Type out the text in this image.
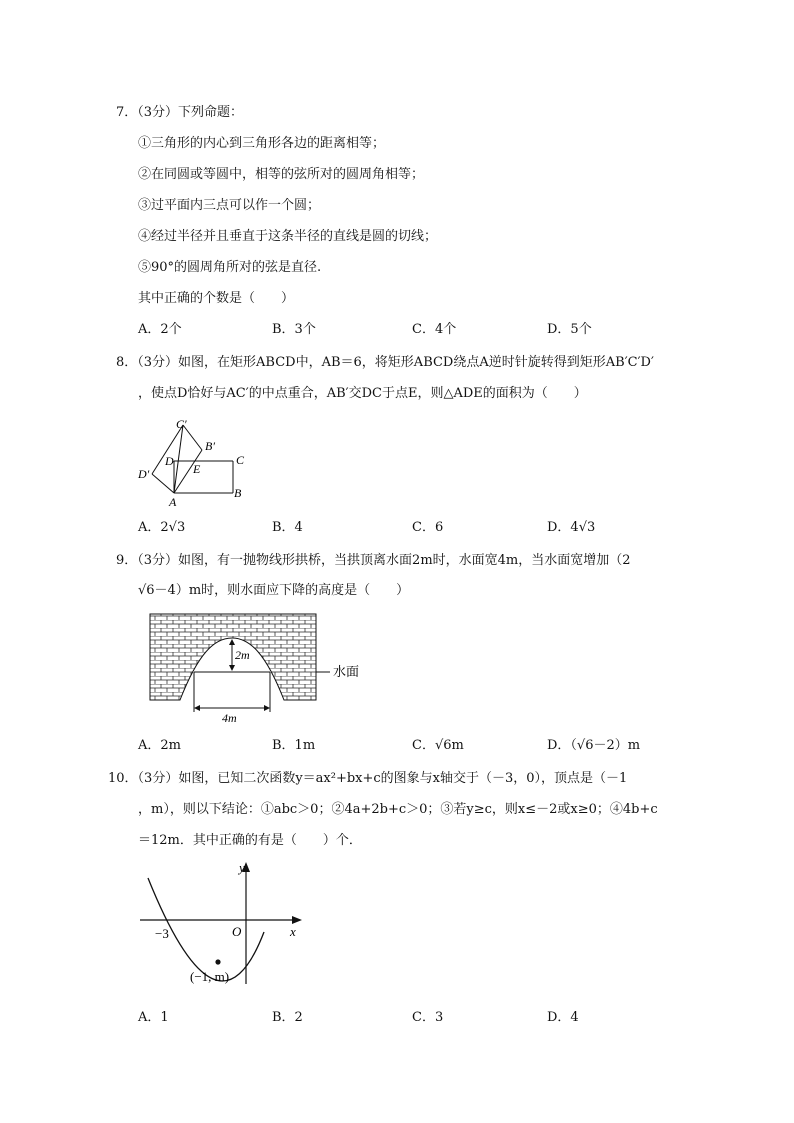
7．（3分）下列命题：
①三角形的内心到三角形各边的距离相等；
②在同圆或等圆中，相等的弦所对的圆周角相等；
③过平面内三点可以作一个圆；
④经过半径并且垂直于这条半径的直线是圆的切线；
⑤90°的圆周角所对的弦是直径.
其中正确的个数是（　　）
A．2个	B．3个	C．4个	D．5个
8．（3分）如图，在矩形ABCD中，AB＝6，将矩形ABCD绕点A逆时针旋转得到矩形AB′C′D′
，使点D恰好与AC′的中点重合，AB′交DC于点E，则△ADE的面积为（　　）
C′
B′
D	C
D′	E
A
B
A．2√3	B．4	C．6	D．4√3
9．（3分）如图，有一抛物线形拱桥，当拱顶离水面2m时，水面宽4m，当水面宽增加（2
√6－4）m时，则水面应下降的高度是（　　）
水面
2m
4m
A．2m	B．1m	C．√6m	D．（√6－2）m
10．（3分）如图，已知二次函数y＝ax²+bx+c的图象与x轴交于（－3，0），顶点是（－1
，m），则以下结论：①abc＞0；②4a+2b+c＞0；③若y≥c，则x≤－2或x≥0；④4b+c
＝12m．其中正确的有是（　　）个．
y
x
O
−3
(−1, m)
A．1	B．2	C．3	D．4
